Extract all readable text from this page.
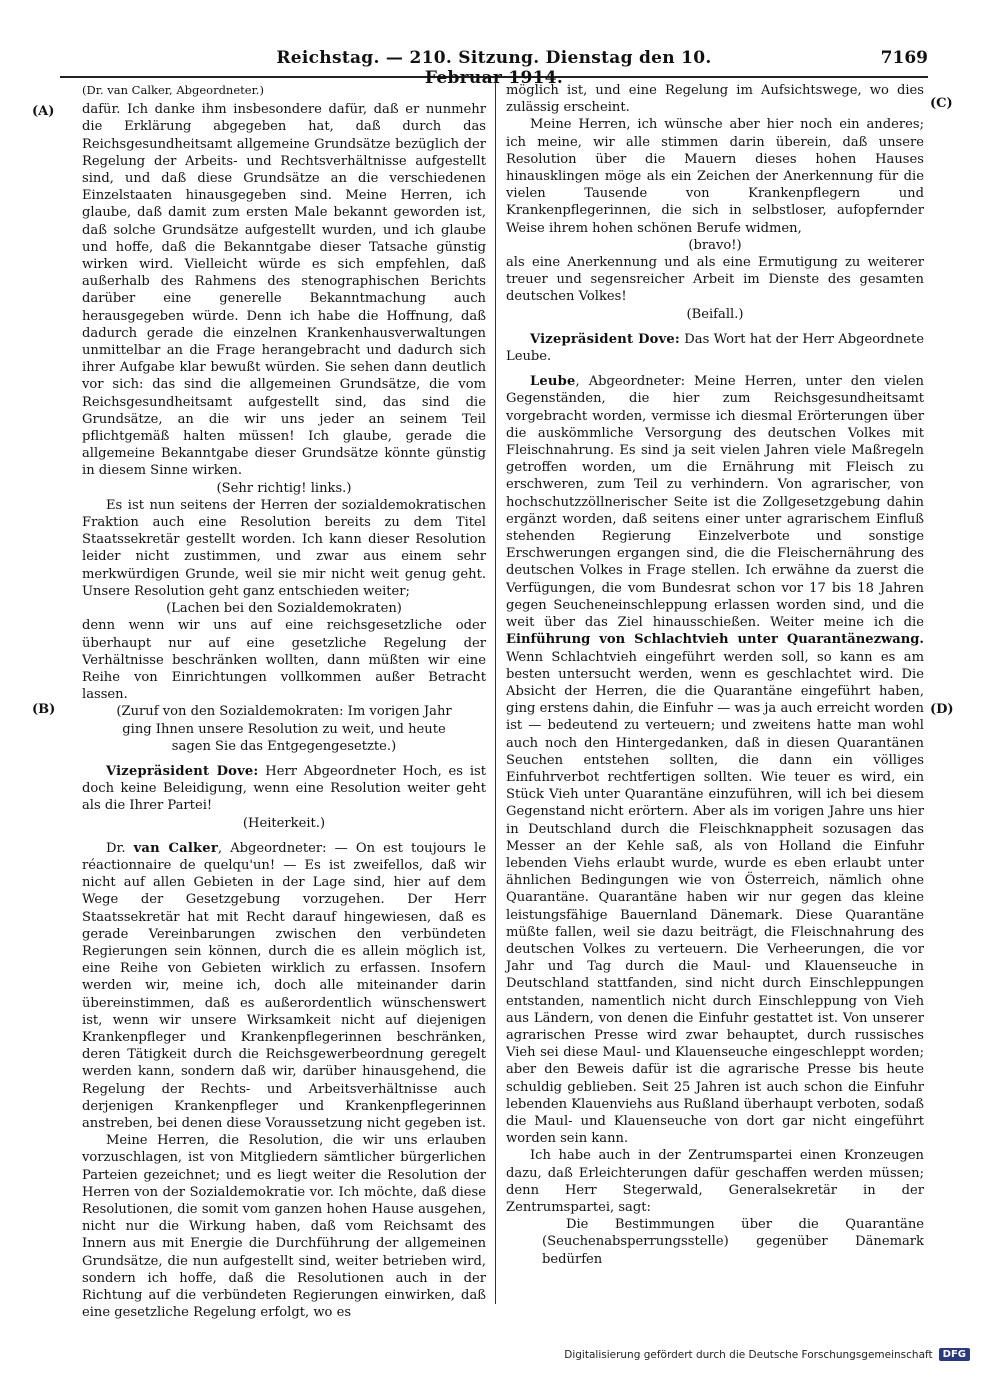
Reichstag. — 210. Sitzung. Dienstag den 10. Februar 1914.
7169
(A)
(B)
(C)
(D)

(Dr. van Calker, Abgeordneter.)

dafür. Ich danke ihm insbesondere dafür, daß er nunmehr die Erklärung abgegeben hat, daß durch das Reichsgesundheitsamt allgemeine Grundsätze bezüglich der Regelung der Arbeits- und Rechtsverhältnisse aufgestellt sind, und daß diese Grundsätze an die verschiedenen Einzelstaaten hinausgegeben sind. Meine Herren, ich glaube, daß damit zum ersten Male bekannt geworden ist, daß solche Grundsätze aufgestellt wurden, und ich glaube und hoffe, daß die Bekanntgabe dieser Tatsache günstig wirken wird. Vielleicht würde es sich empfehlen, daß außerhalb des Rahmens des stenographischen Berichts darüber eine generelle Bekanntmachung auch herausgegeben würde. Denn ich habe die Hoffnung, daß dadurch gerade die einzelnen Krankenhausverwaltungen unmittelbar an die Frage herangebracht und dadurch sich ihrer Aufgabe klar bewußt würden. Sie sehen dann deutlich vor sich: das sind die allgemeinen Grundsätze, die vom Reichsgesundheitsamt aufgestellt sind, das sind die Grundsätze, an die wir uns jeder an seinem Teil pflichtgemäß halten müssen! Ich glaube, gerade die allgemeine Bekanntgabe dieser Grundsätze könnte günstig in diesem Sinne wirken.

(Sehr richtig! links.)

Es ist nun seitens der Herren der sozialdemokratischen Fraktion auch eine Resolution bereits zu dem Titel Staatssekretär gestellt worden. Ich kann dieser Resolution leider nicht zustimmen, und zwar aus einem sehr merkwürdigen Grunde, weil sie mir nicht weit genug geht. Unsere Resolution geht ganz entschieden weiter;

(Lachen bei den Sozialdemokraten)

denn wenn wir uns auf eine reichsgesetzliche oder überhaupt nur auf eine gesetzliche Regelung der Verhältnisse beschränken wollten, dann müßten wir eine Reihe von Einrichtungen vollkommen außer Betracht lassen.

(Zuruf von den Sozialdemokraten: Im vorigen Jahr ging Ihnen unsere Resolution zu weit, und heute sagen Sie das Entgegengesetzte.)

Vizepräsident Dove: Herr Abgeordneter Hoch, es ist doch keine Beleidigung, wenn eine Resolution weiter geht als die Ihrer Partei!

(Heiterkeit.)

Dr. van Calker, Abgeordneter: — On est toujours le réactionnaire de quelqu'un! — Es ist zweifellos, daß wir nicht auf allen Gebieten in der Lage sind, hier auf dem Wege der Gesetzgebung vorzugehen. Der Herr Staatssekretär hat mit Recht darauf hingewiesen, daß es gerade Vereinbarungen zwischen den verbündeten Regierungen sein können, durch die es allein möglich ist, eine Reihe von Gebieten wirklich zu erfassen. Insofern werden wir, meine ich, doch alle miteinander darin übereinstimmen, daß es außerordentlich wünschenswert ist, wenn wir unsere Wirksamkeit nicht auf diejenigen Krankenpfleger und Krankenpflegerinnen beschränken, deren Tätigkeit durch die Reichsgewerbeordnung geregelt werden kann, sondern daß wir, darüber hinausgehend, die Regelung der Rechts- und Arbeitsverhältnisse auch derjenigen Krankenpfleger und Krankenpflegerinnen anstreben, bei denen diese Voraussetzung nicht gegeben ist.

Meine Herren, die Resolution, die wir uns erlauben vorzuschlagen, ist von Mitgliedern sämtlicher bürgerlichen Parteien gezeichnet; und es liegt weiter die Resolution der Herren von der Sozialdemokratie vor. Ich möchte, daß diese Resolutionen, die somit vom ganzen hohen Hause ausgehen, nicht nur die Wirkung haben, daß vom Reichsamt des Innern aus mit Energie die Durchführung der allgemeinen Grundsätze, die nun aufgestellt sind, weiter betrieben wird, sondern ich hoffe, daß die Resolutionen auch in der Richtung auf die verbündeten Regierungen einwirken, daß eine gesetzliche Regelung erfolgt, wo es

möglich ist, und eine Regelung im Aufsichtswege, wo dies zulässig erscheint.

Meine Herren, ich wünsche aber hier noch ein anderes; ich meine, wir alle stimmen darin überein, daß unsere Resolution über die Mauern dieses hohen Hauses hinausklingen möge als ein Zeichen der Anerkennung für die vielen Tausende von Krankenpflegern und Krankenpflegerinnen, die sich in selbstloser, aufopfernder Weise ihrem hohen schönen Berufe widmen,

(bravo!)

als eine Anerkennung und als eine Ermutigung zu weiterer treuer und segensreicher Arbeit im Dienste des gesamten deutschen Volkes!

(Beifall.)

Vizepräsident Dove: Das Wort hat der Herr Abgeordnete Leube.

Leube, Abgeordneter: Meine Herren, unter den vielen Gegenständen, die hier zum Reichsgesundheitsamt vorgebracht worden, vermisse ich diesmal Erörterungen über die auskömmliche Versorgung des deutschen Volkes mit Fleischnahrung. Es sind ja seit vielen Jahren viele Maßregeln getroffen worden, um die Ernährung mit Fleisch zu erschweren, zum Teil zu verhindern. Von agrarischer, von hochschutzzöllnerischer Seite ist die Zollgesetzgebung dahin ergänzt worden, daß seitens einer unter agrarischem Einfluß stehenden Regierung Einzelverbote und sonstige Erschwerungen ergangen sind, die die Fleischernährung des deutschen Volkes in Frage stellen. Ich erwähne da zuerst die Verfügungen, die vom Bundesrat schon vor 17 bis 18 Jahren gegen Seucheneinschleppung erlassen worden sind, und die weit über das Ziel hinausschießen. Weiter meine ich die Einführung von Schlachtvieh unter Quarantänezwang. Wenn Schlachtvieh eingeführt werden soll, so kann es am besten untersucht werden, wenn es geschlachtet wird. Die Absicht der Herren, die die Quarantäne eingeführt haben, ging erstens dahin, die Einfuhr — was ja auch erreicht worden ist — bedeutend zu verteuern; und zweitens hatte man wohl auch noch den Hintergedanken, daß in diesen Quarantänen Seuchen entstehen sollten, die dann ein völliges Einfuhrverbot rechtfertigen sollten. Wie teuer es wird, ein Stück Vieh unter Quarantäne einzuführen, will ich bei diesem Gegenstand nicht erörtern. Aber als im vorigen Jahre uns hier in Deutschland durch die Fleischknappheit sozusagen das Messer an der Kehle saß, als von Holland die Einfuhr lebenden Viehs erlaubt wurde, wurde es eben erlaubt unter ähnlichen Bedingungen wie von Österreich, nämlich ohne Quarantäne. Quarantäne haben wir nur gegen das kleine leistungsfähige Bauernland Dänemark. Diese Quarantäne müßte fallen, weil sie dazu beiträgt, die Fleischnahrung des deutschen Volkes zu verteuern. Die Verheerungen, die vor Jahr und Tag durch die Maul- und Klauenseuche in Deutschland stattfanden, sind nicht durch Einschleppungen entstanden, namentlich nicht durch Einschleppung von Vieh aus Ländern, von denen die Einfuhr gestattet ist. Von unserer agrarischen Presse wird zwar behauptet, durch russisches Vieh sei diese Maul- und Klauenseuche eingeschleppt worden; aber den Beweis dafür ist die agrarische Presse bis heute schuldig geblieben. Seit 25 Jahren ist auch schon die Einfuhr lebenden Klauenviehs aus Rußland überhaupt verboten, sodaß die Maul- und Klauenseuche von dort gar nicht eingeführt worden sein kann.

Ich habe auch in der Zentrumspartei einen Kronzeugen dazu, daß Erleichterungen dafür geschaffen werden müssen; denn Herr Stegerwald, Generalsekretär in der Zentrumspartei, sagt:

Die Bestimmungen über die Quarantäne (Seuchenabsperrungsstelle) gegenüber Dänemark bedürfen

Digitalisierung gefördert durch die Deutsche Forschungsgemeinschaft	DFG
